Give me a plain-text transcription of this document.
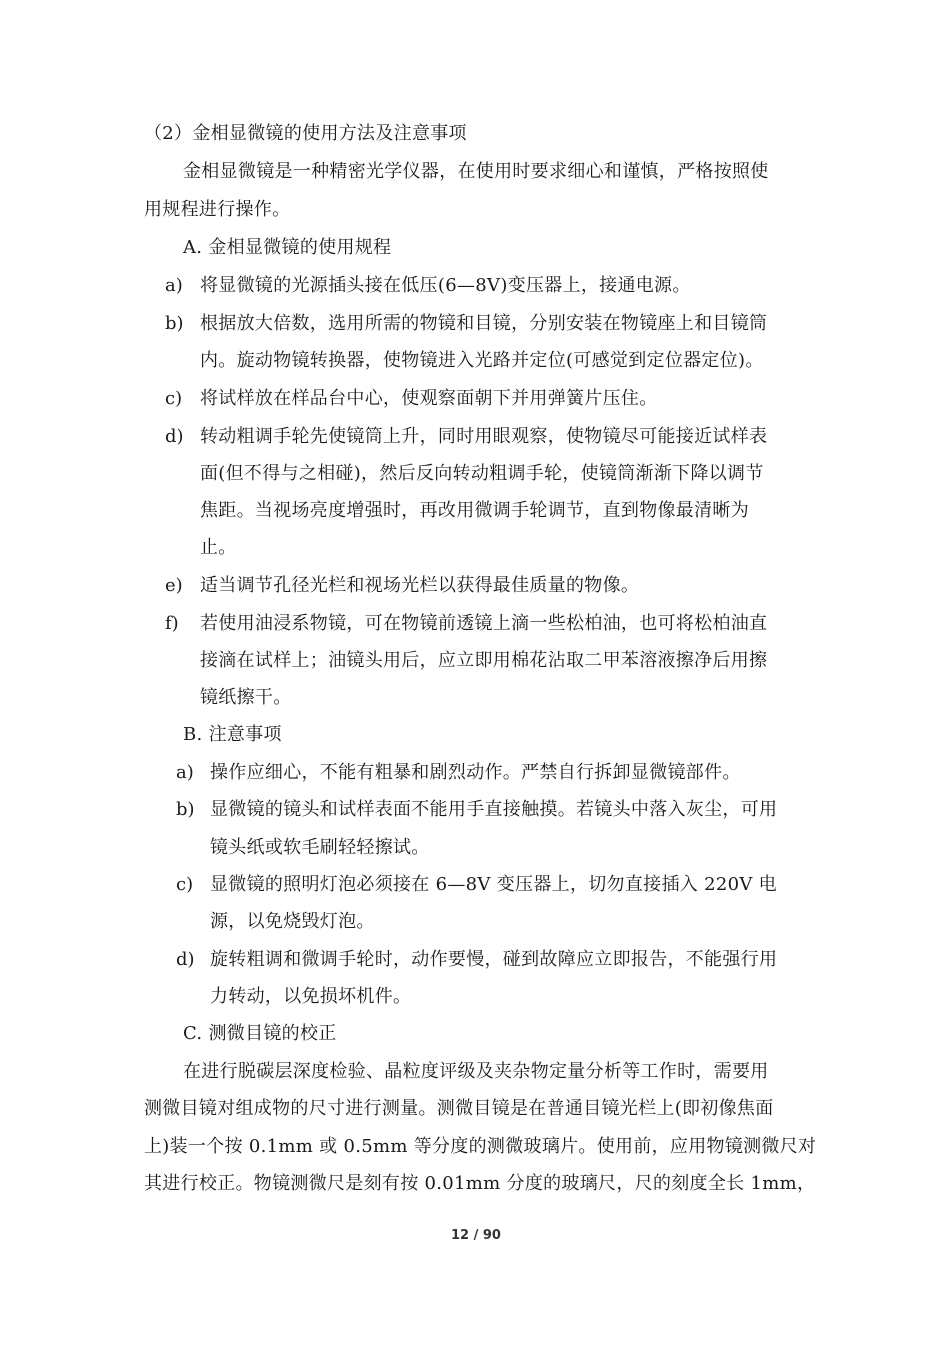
（2）金相显微镜的使用方法及注意事项
金相显微镜是一种精密光学仪器，在使用时要求细心和谨慎，严格按照使
用规程进行操作。
A. 金相显微镜的使用规程
a) 将显微镜的光源插头接在低压(6—8V)变压器上，接通电源。
b) 根据放大倍数，选用所需的物镜和目镜，分别安装在物镜座上和目镜筒
内。旋动物镜转换器，使物镜进入光路并定位(可感觉到定位器定位)。
c) 将试样放在样品台中心，使观察面朝下并用弹簧片压住。
d) 转动粗调手轮先使镜筒上升，同时用眼观察，使物镜尽可能接近试样表
面(但不得与之相碰)，然后反向转动粗调手轮，使镜筒渐渐下降以调节
焦距。当视场亮度增强时，再改用微调手轮调节，直到物像最清晰为
止。
e) 适当调节孔径光栏和视场光栏以获得最佳质量的物像。
f) 若使用油浸系物镜，可在物镜前透镜上滴一些松柏油，也可将松柏油直
接滴在试样上；油镜头用后，应立即用棉花沾取二甲苯溶液擦净后用擦
镜纸擦干。
B. 注意事项
a) 操作应细心，不能有粗暴和剧烈动作。严禁自行拆卸显微镜部件。
b) 显微镜的镜头和试样表面不能用手直接触摸。若镜头中落入灰尘，可用
镜头纸或软毛刷轻轻擦试。
c) 显微镜的照明灯泡必须接在 6—8V 变压器上，切勿直接插入 220V 电
源，以免烧毁灯泡。
d) 旋转粗调和微调手轮时，动作要慢，碰到故障应立即报告，不能强行用
力转动，以免损坏机件。
C. 测微目镜的校正
在进行脱碳层深度检验、晶粒度评级及夹杂物定量分析等工作时，需要用
测微目镜对组成物的尺寸进行测量。测微目镜是在普通目镜光栏上(即初像焦面
上)装一个按 0.1mm 或 0.5mm 等分度的测微玻璃片。使用前，应用物镜测微尺对
其进行校正。物镜测微尺是刻有按 0.01mm 分度的玻璃尺，尺的刻度全长 1mm，
12 / 90
